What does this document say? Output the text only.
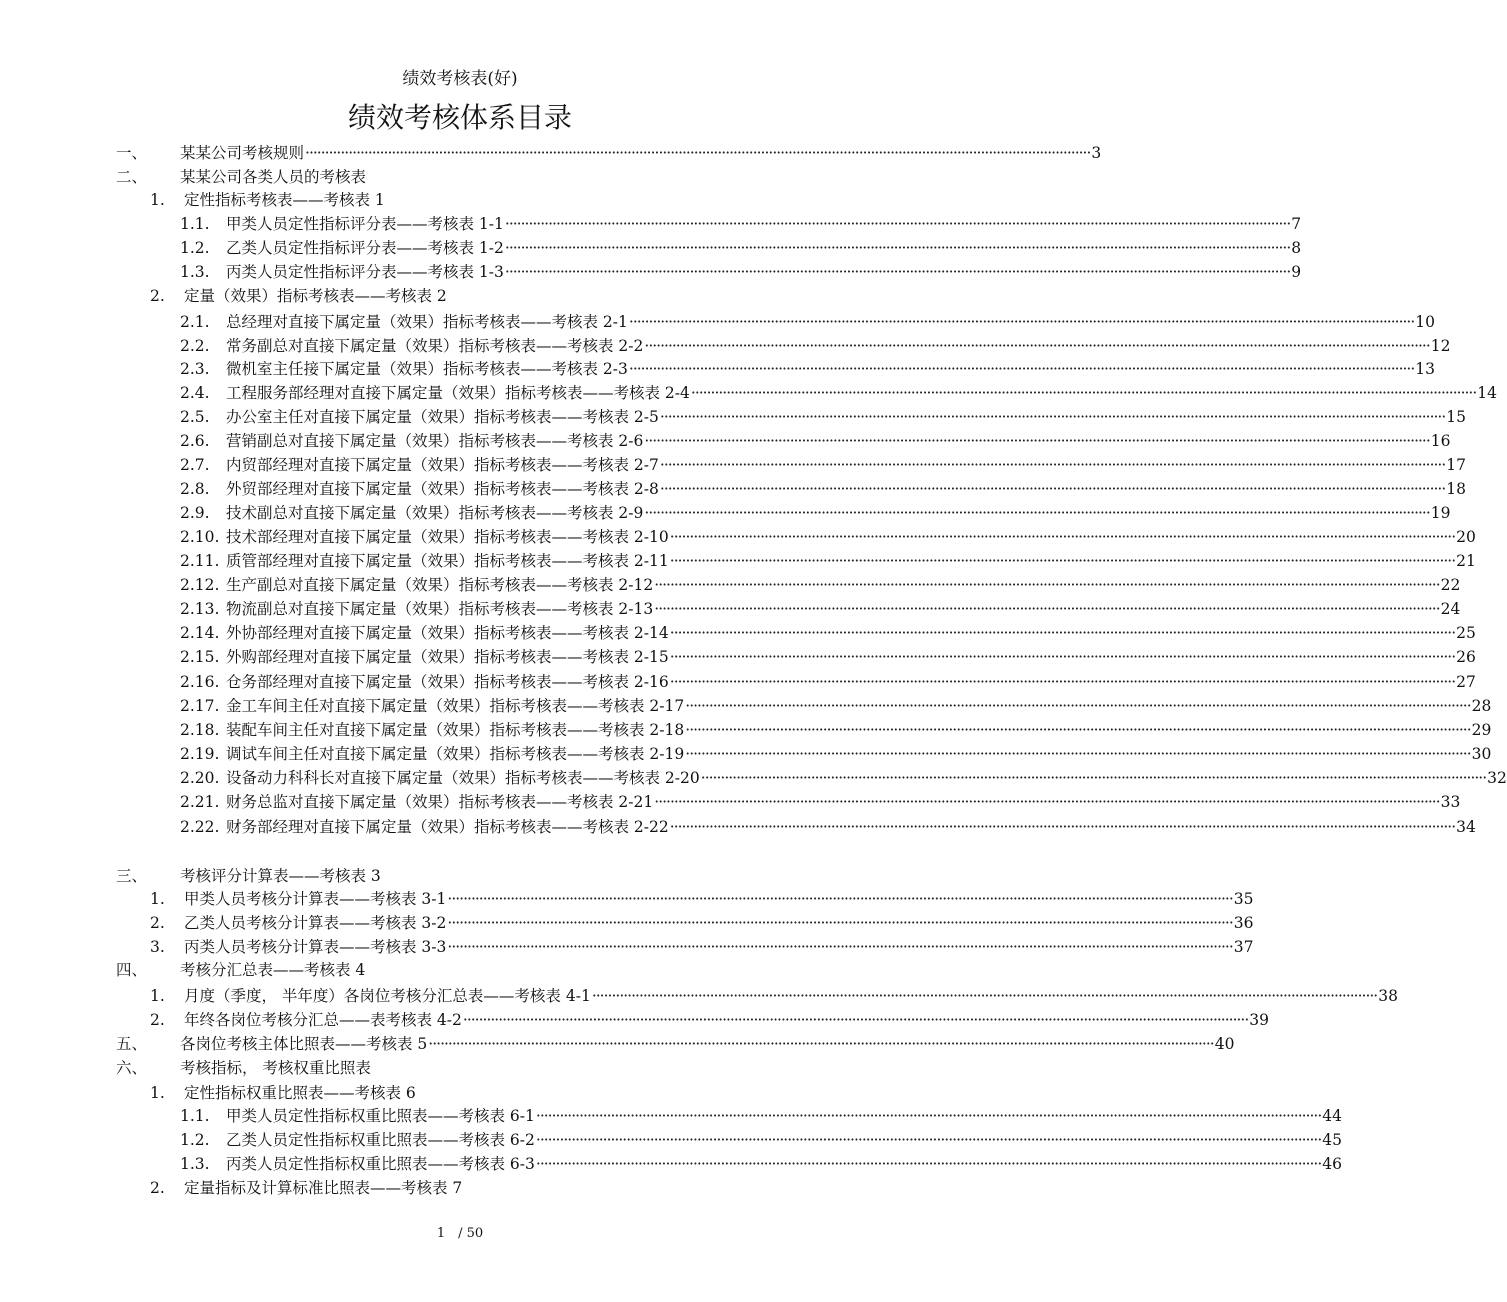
绩效考核表(好)
绩效考核体系目录
一、	某某公司考核规则 ········································································································································································································ 3
二、	某某公司各类人员的考核表
1.	定性指标考核表——考核表 1
1.1.	甲类人员定性指标评分表——考核表 1-1 ········································································································································································································ 7
1.2.	乙类人员定性指标评分表——考核表 1-2 ········································································································································································································ 8
1.3.	丙类人员定性指标评分表——考核表 1-3 ········································································································································································································ 9
2.	定量（效果）指标考核表——考核表 2
2.1.	总经理对直接下属定量（效果）指标考核表——考核表 2-1 ········································································································································································································ 10
2.2.	常务副总对直接下属定量（效果）指标考核表——考核表 2-2 ········································································································································································································ 12
2.3.	微机室主任接下属定量（效果）指标考核表——考核表 2-3 ········································································································································································································ 13
2.4.	工程服务部经理对直接下属定量（效果）指标考核表——考核表 2-4 ········································································································································································································ 14
2.5.	办公室主任对直接下属定量（效果）指标考核表——考核表 2-5 ········································································································································································································ 15
2.6.	营销副总对直接下属定量（效果）指标考核表——考核表 2-6 ········································································································································································································ 16
2.7.	内贸部经理对直接下属定量（效果）指标考核表——考核表 2-7 ········································································································································································································ 17
2.8.	外贸部经理对直接下属定量（效果）指标考核表——考核表 2-8 ········································································································································································································ 18
2.9.	技术副总对直接下属定量（效果）指标考核表——考核表 2-9 ········································································································································································································ 19
2.10. 技术部经理对直接下属定量（效果）指标考核表——考核表 2-10 ········································································································································································································ 20
2.11. 质管部经理对直接下属定量（效果）指标考核表——考核表 2-11 ········································································································································································································ 21
2.12. 生产副总对直接下属定量（效果）指标考核表——考核表 2-12 ········································································································································································································ 22
2.13. 物流副总对直接下属定量（效果）指标考核表——考核表 2-13 ········································································································································································································ 24
2.14. 外协部经理对直接下属定量（效果）指标考核表——考核表 2-14 ········································································································································································································ 25
2.15. 外购部经理对直接下属定量（效果）指标考核表——考核表 2-15 ········································································································································································································ 26
2.16. 仓务部经理对直接下属定量（效果）指标考核表——考核表 2-16 ········································································································································································································ 27
2.17. 金工车间主任对直接下属定量（效果）指标考核表——考核表 2-17 ········································································································································································································ 28
2.18. 装配车间主任对直接下属定量（效果）指标考核表——考核表 2-18 ········································································································································································································ 29
2.19. 调试车间主任对直接下属定量（效果）指标考核表——考核表 2-19 ········································································································································································································ 30
2.20. 设备动力科科长对直接下属定量（效果）指标考核表——考核表 2-20 ········································································································································································································ 32
2.21. 财务总监对直接下属定量（效果）指标考核表——考核表 2-21 ········································································································································································································ 33
2.22. 财务部经理对直接下属定量（效果）指标考核表——考核表 2-22 ········································································································································································································ 34
三、	考核评分计算表——考核表 3
1.	甲类人员考核分计算表——考核表 3-1 ········································································································································································································ 35
2.	乙类人员考核分计算表——考核表 3-2 ········································································································································································································ 36
3.	丙类人员考核分计算表——考核表 3-3 ········································································································································································································ 37
四、	考核分汇总表——考核表 4
1.	月度（季度， 半年度）各岗位考核分汇总表——考核表 4-1 ········································································································································································································ 38
2.	年终各岗位考核分汇总——表考核表 4-2 ········································································································································································································ 39
五、	各岗位考核主体比照表——考核表 5 ········································································································································································································ 40
六、	考核指标， 考核权重比照表
1.	定性指标权重比照表——考核表 6
1.1.	甲类人员定性指标权重比照表——考核表 6-1 ········································································································································································································ 44
1.2.	乙类人员定性指标权重比照表——考核表 6-2 ········································································································································································································ 45
1.3.	丙类人员定性指标权重比照表——考核表 6-3 ········································································································································································································ 46
2.	定量指标及计算标准比照表——考核表 7
1　/ 50
